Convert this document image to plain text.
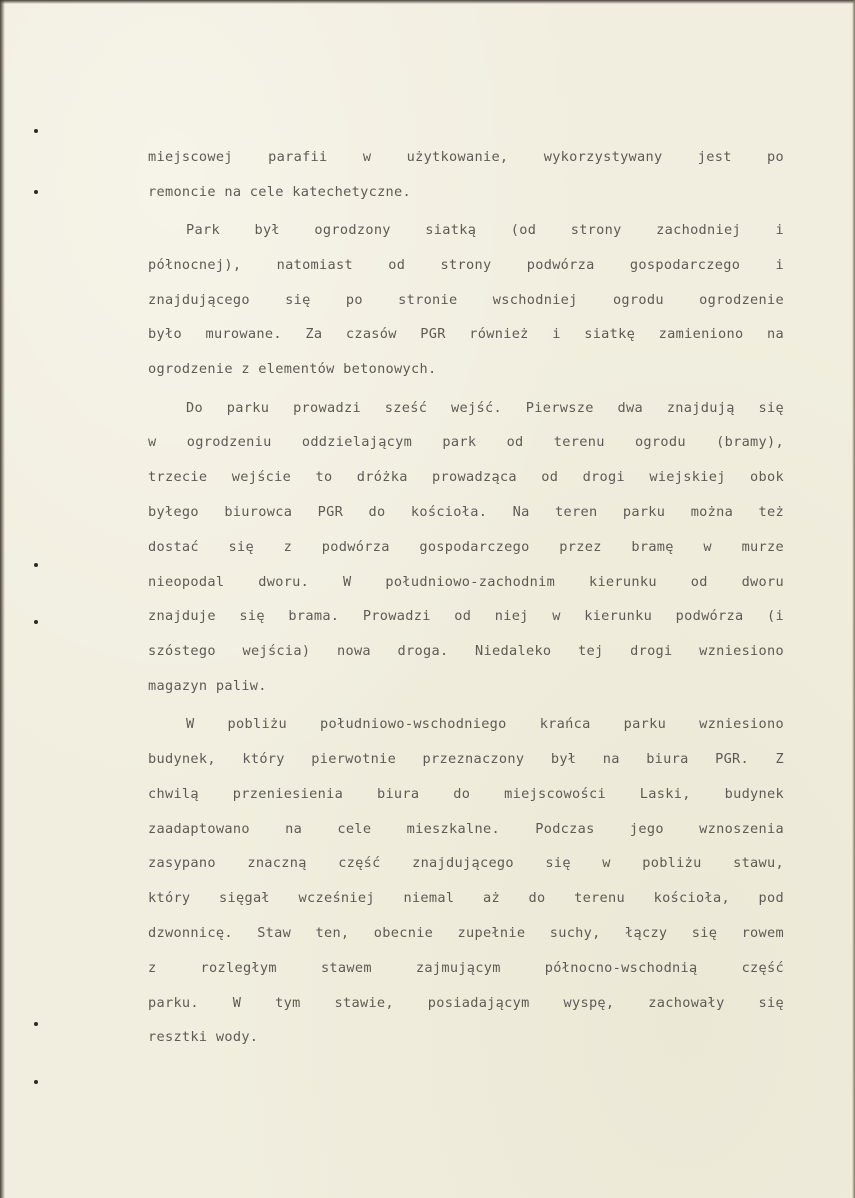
miejscowej parafii w użytkowanie, wykorzystywany jest po
remoncie na cele katechetyczne.
Park był ogrodzony siatką (od strony zachodniej i
północnej), natomiast od strony podwórza gospodarczego i
znajdującego się po stronie wschodniej ogrodu ogrodzenie
było murowane. Za czasów PGR również i siatkę zamieniono na
ogrodzenie z elementów betonowych.
Do parku prowadzi sześć wejść. Pierwsze dwa znajdują się
w ogrodzeniu oddzielającym park od terenu ogrodu (bramy),
trzecie wejście to dróżka prowadząca od drogi wiejskiej obok
byłego biurowca PGR do kościoła. Na teren parku można też
dostać się z podwórza gospodarczego przez bramę w murze
nieopodal dworu. W południowo-zachodnim kierunku od dworu
znajduje się brama. Prowadzi od niej w kierunku podwórza (i
szóstego wejścia) nowa droga. Niedaleko tej drogi wzniesiono
magazyn paliw.
W pobliżu południowo-wschodniego krańca parku wzniesiono
budynek, który pierwotnie przeznaczony był na biura PGR. Z
chwilą przeniesienia biura do miejscowości Laski, budynek
zaadaptowano na cele mieszkalne. Podczas jego wznoszenia
zasypano znaczną część znajdującego się w pobliżu stawu,
który sięgał wcześniej niemal aż do terenu kościoła, pod
dzwonnicę. Staw ten, obecnie zupełnie suchy, łączy się rowem
z rozległym stawem zajmującym północno-wschodnią część
parku. W tym stawie, posiadającym wyspę, zachowały się
resztki wody.
